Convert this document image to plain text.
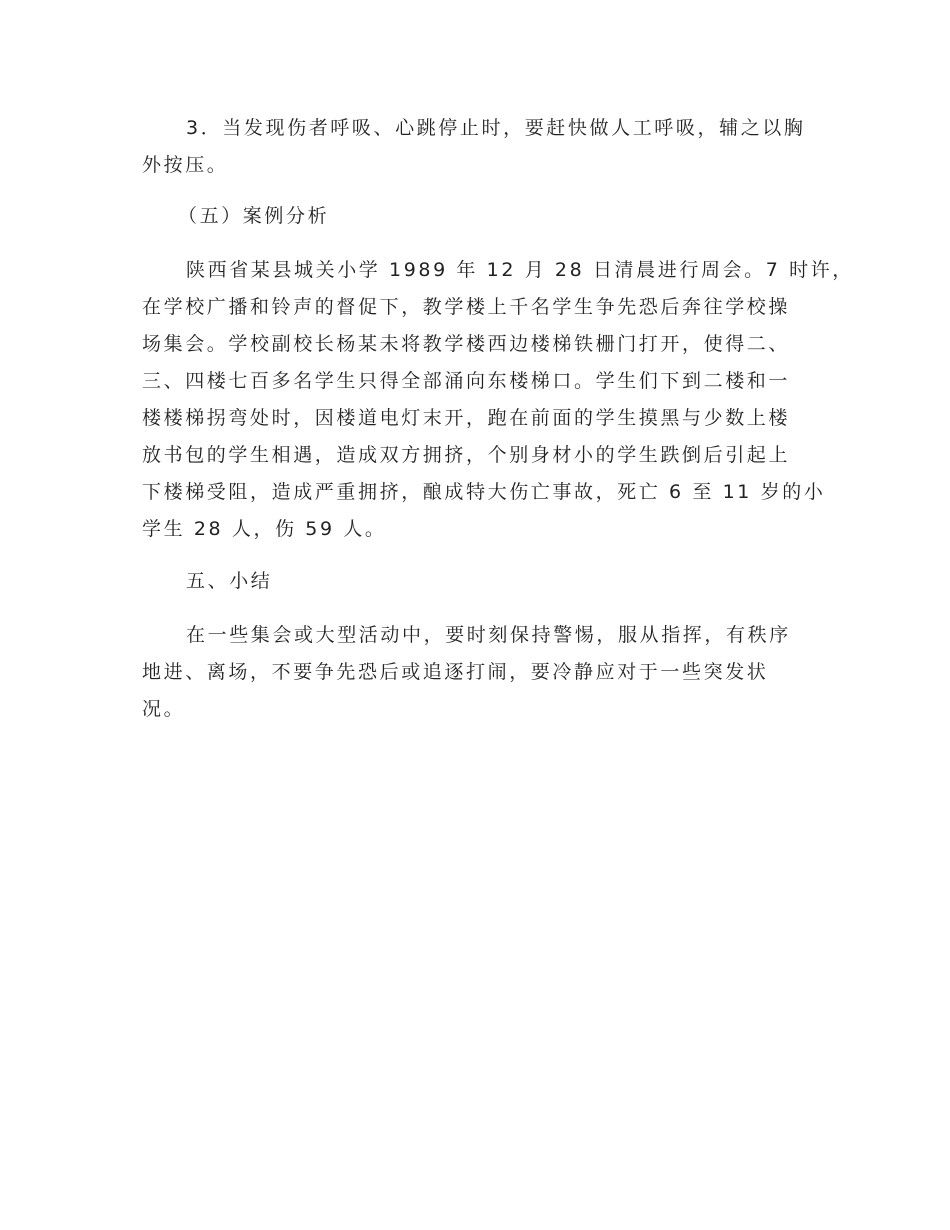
3．当发现伤者呼吸、心跳停止时，要赶快做人工呼吸，辅之以胸
外按压。
（五）案例分析
陕西省某县城关小学 1989 年 12 月 28 日清晨进行周会。7 时许，
在学校广播和铃声的督促下，教学楼上千名学生争先恐后奔往学校操
场集会。学校副校长杨某未将教学楼西边楼梯铁栅门打开，使得二、
三、四楼七百多名学生只得全部涌向东楼梯口。学生们下到二楼和一
楼楼梯拐弯处时，因楼道电灯末开，跑在前面的学生摸黑与少数上楼
放书包的学生相遇，造成双方拥挤，个别身材小的学生跌倒后引起上
下楼梯受阻，造成严重拥挤，酿成特大伤亡事故，死亡 6 至 11 岁的小
学生 28 人，伤 59 人。
五、小结
在一些集会或大型活动中，要时刻保持警惕，服从指挥，有秩序
地进、离场，不要争先恐后或追逐打闹，要冷静应对于一些突发状
况。
